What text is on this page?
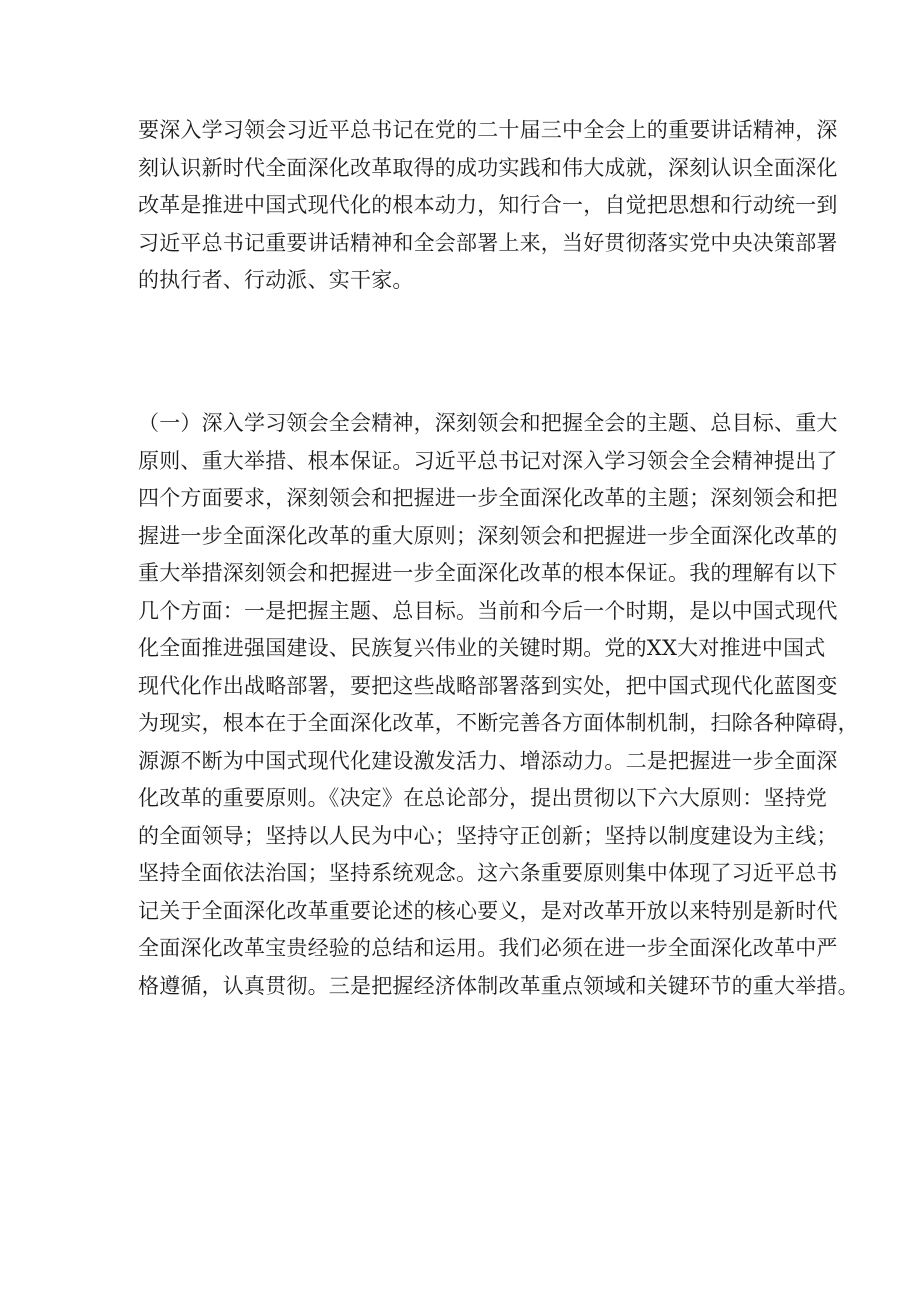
要深入学习领会习近平总书记在党的二十届三中全会上的重要讲话精神，深
刻认识新时代全面深化改革取得的成功实践和伟大成就，深刻认识全面深化
改革是推进中国式现代化的根本动力，知行合一，自觉把思想和行动统一到
习近平总书记重要讲话精神和全会部署上来，当好贯彻落实党中央决策部署
的执行者、行动派、实干家。

（一）深入学习领会全会精神，深刻领会和把握全会的主题、总目标、重大
原则、重大举措、根本保证。习近平总书记对深入学习领会全会精神提出了
四个方面要求，深刻领会和把握进一步全面深化改革的主题；深刻领会和把
握进一步全面深化改革的重大原则；深刻领会和把握进一步全面深化改革的
重大举措深刻领会和把握进一步全面深化改革的根本保证。我的理解有以下
几个方面：一是把握主题、总目标。当前和今后一个时期，是以中国式现代
化全面推进强国建设、民族复兴伟业的关键时期。党的XX大对推进中国式
现代化作出战略部署，要把这些战略部署落到实处，把中国式现代化蓝图变
为现实，根本在于全面深化改革，不断完善各方面体制机制，扫除各种障碍，
源源不断为中国式现代化建设激发活力、增添动力。二是把握进一步全面深
化改革的重要原则。《决定》在总论部分，提出贯彻以下六大原则：坚持党
的全面领导；坚持以人民为中心；坚持守正创新；坚持以制度建设为主线；
坚持全面依法治国；坚持系统观念。这六条重要原则集中体现了习近平总书
记关于全面深化改革重要论述的核心要义，是对改革开放以来特别是新时代
全面深化改革宝贵经验的总结和运用。我们必须在进一步全面深化改革中严
格遵循，认真贯彻。三是把握经济体制改革重点领域和关键环节的重大举措。
